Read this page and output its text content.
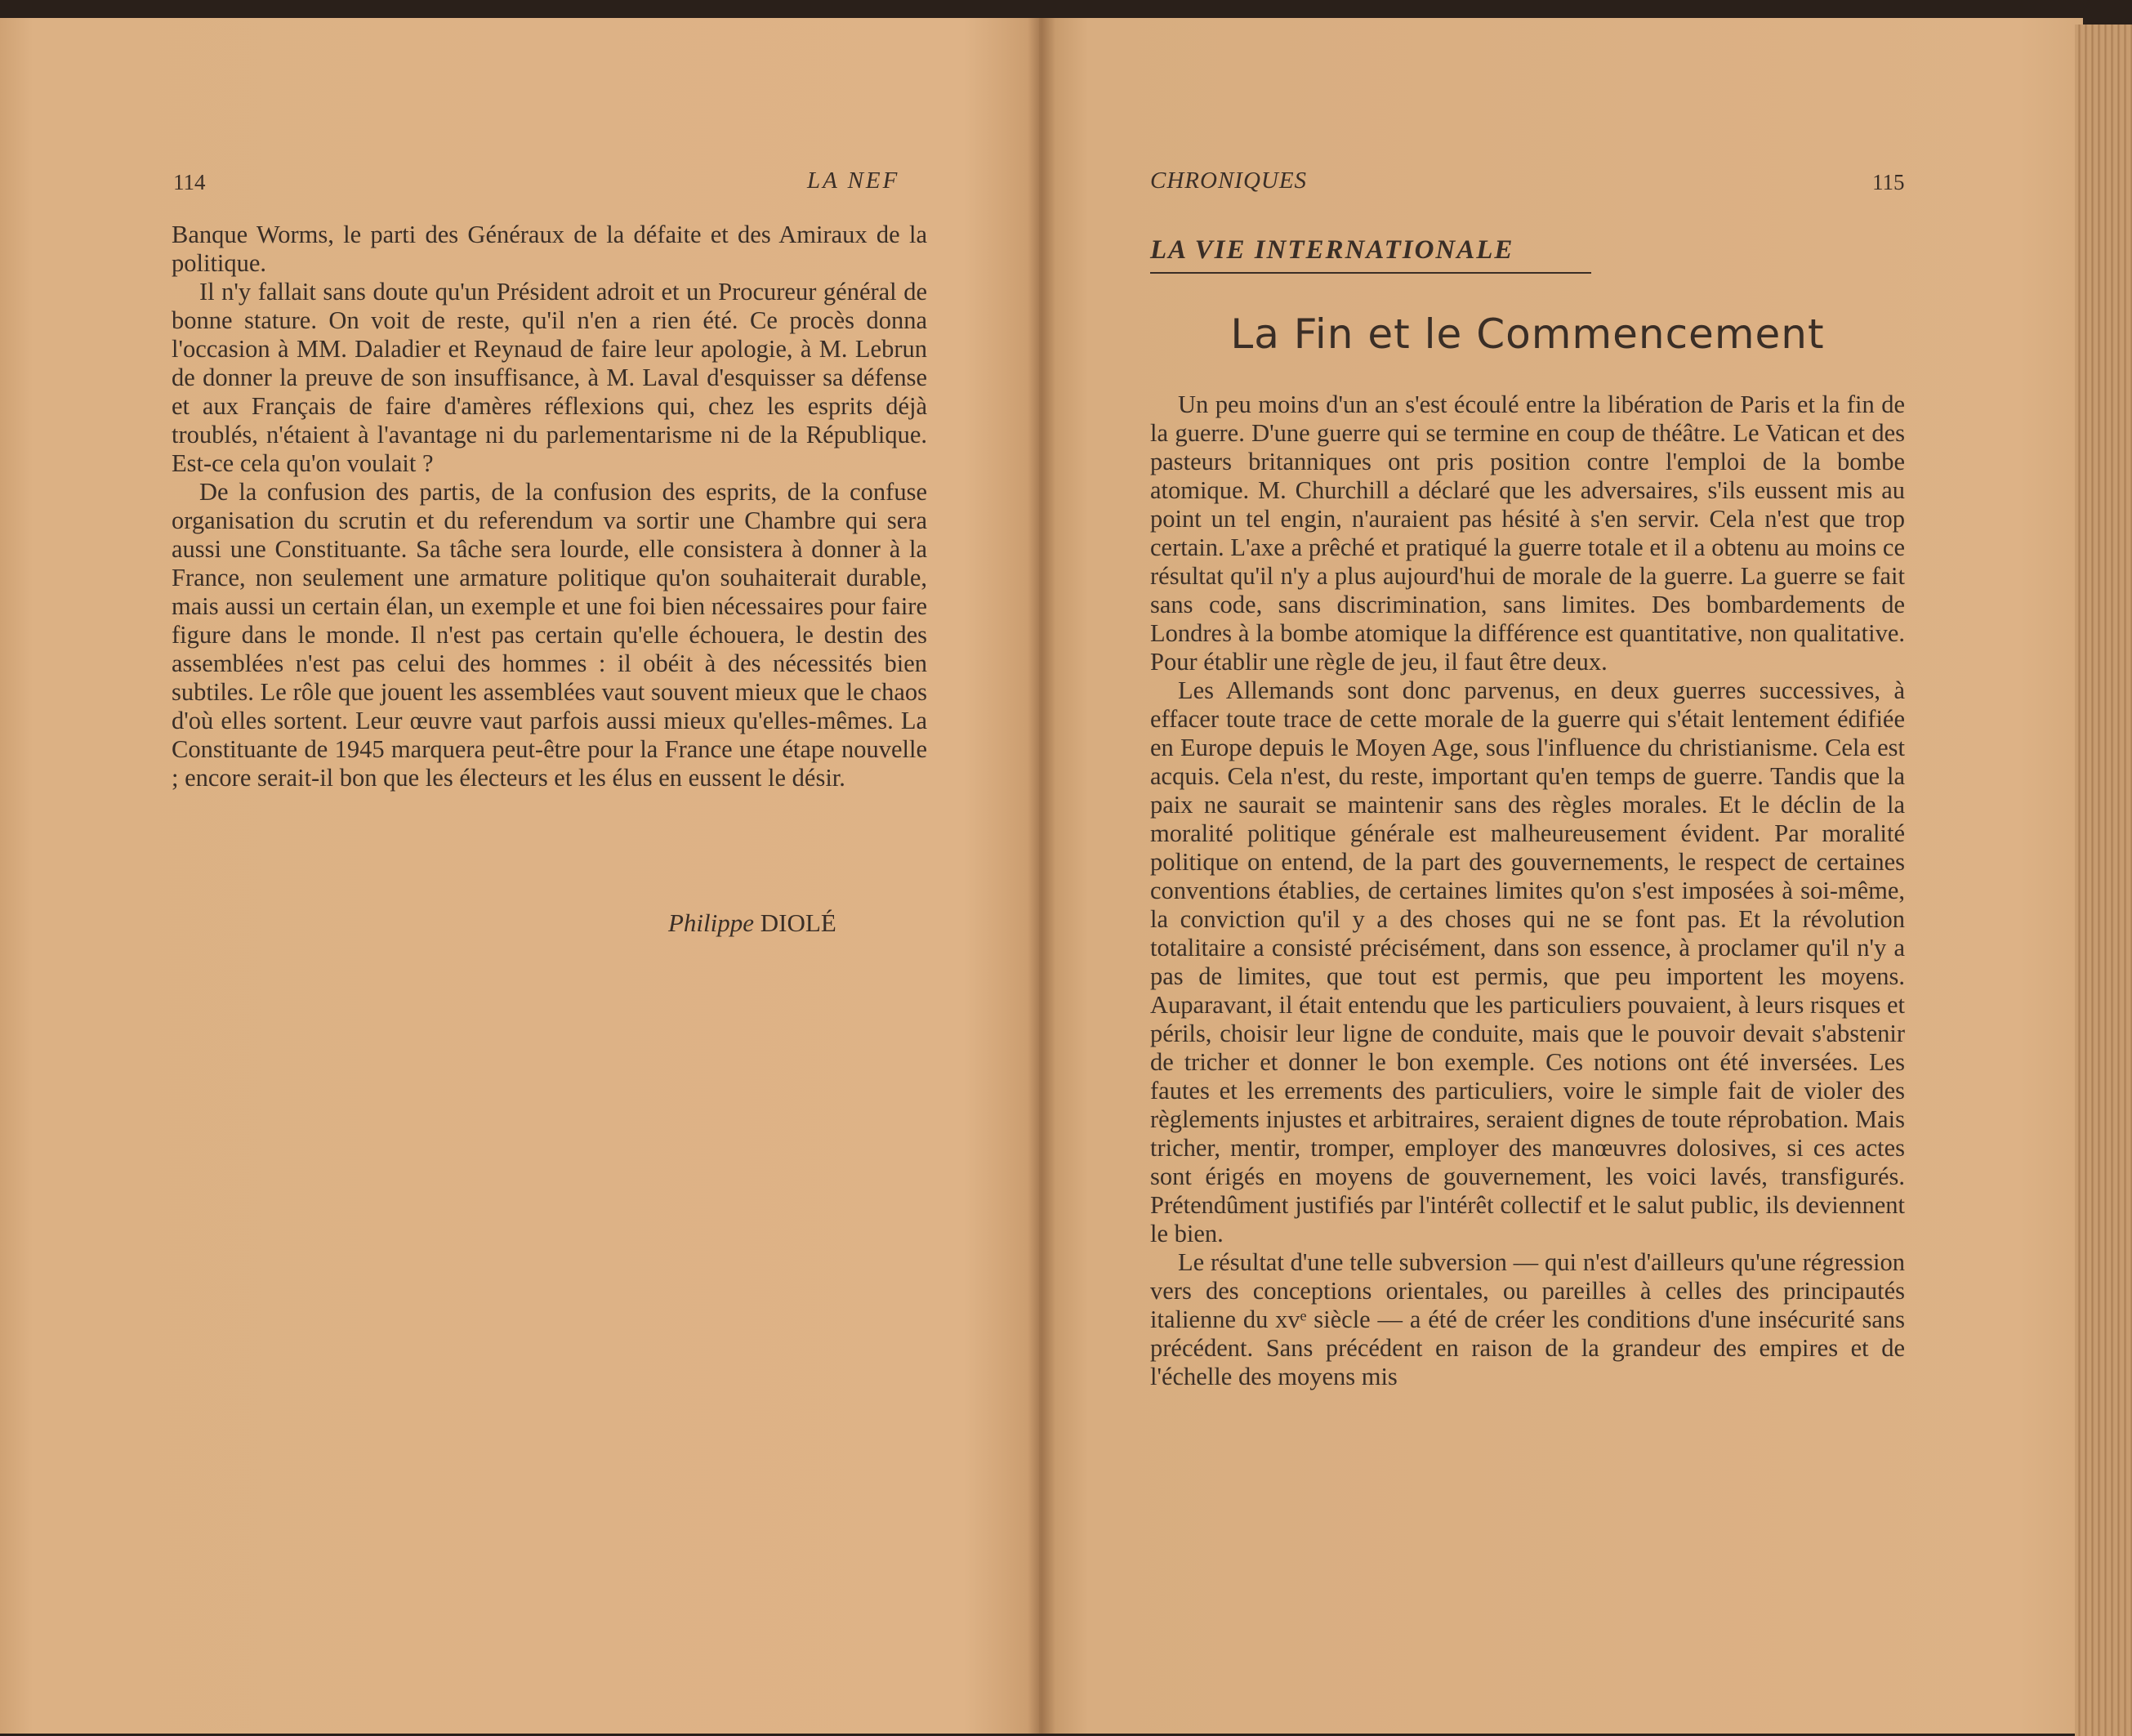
114	LA NEF

Banque Worms, le parti des Généraux de la défaite et des Amiraux de la politique.

Il n'y fallait sans doute qu'un Président adroit et un Procureur général de bonne stature. On voit de reste, qu'il n'en a rien été. Ce procès donna l'occasion à MM. Daladier et Reynaud de faire leur apologie, à M. Lebrun de donner la preuve de son insuffisance, à M. Laval d'esquisser sa défense et aux Français de faire d'amères réflexions qui, chez les esprits déjà troublés, n'étaient à l'avantage ni du parlementarisme ni de la République. Est-ce cela qu'on voulait ?

De la confusion des partis, de la confusion des esprits, de la confuse organisation du scrutin et du referendum va sortir une Chambre qui sera aussi une Constituante. Sa tâche sera lourde, elle consistera à donner à la France, non seulement une armature politique qu'on souhaiterait durable, mais aussi un certain élan, un exemple et une foi bien nécessaires pour faire figure dans le monde. Il n'est pas certain qu'elle échouera, le destin des assemblées n'est pas celui des hommes : il obéit à des nécessités bien subtiles. Le rôle que jouent les assemblées vaut souvent mieux que le chaos d'où elles sortent. Leur œuvre vaut parfois aussi mieux qu'elles-mêmes. La Constituante de 1945 marquera peut-être pour la France une étape nouvelle ; encore serait-il bon que les électeurs et les élus en eussent le désir.

Philippe DIOLÉ
CHRONIQUES	115
LA VIE INTERNATIONALE
La Fin et le Commencement

Un peu moins d'un an s'est écoulé entre la libération de Paris et la fin de la guerre. D'une guerre qui se termine en coup de théâtre. Le Vatican et des pasteurs britanniques ont pris position contre l'emploi de la bombe atomique. M. Churchill a déclaré que les adversaires, s'ils eussent mis au point un tel engin, n'auraient pas hésité à s'en servir. Cela n'est que trop certain. L'axe a prêché et pratiqué la guerre totale et il a obtenu au moins ce résultat qu'il n'y a plus aujourd'hui de morale de la guerre. La guerre se fait sans code, sans discrimination, sans limites. Des bombardements de Londres à la bombe atomique la différence est quantitative, non qualitative. Pour établir une règle de jeu, il faut être deux.

Les Allemands sont donc parvenus, en deux guerres successives, à effacer toute trace de cette morale de la guerre qui s'était lentement édifiée en Europe depuis le Moyen Age, sous l'influence du christianisme. Cela est acquis. Cela n'est, du reste, important qu'en temps de guerre. Tandis que la paix ne saurait se maintenir sans des règles morales. Et le déclin de la moralité politique générale est malheureusement évident. Par moralité politique on entend, de la part des gouvernements, le respect de certaines conventions établies, de certaines limites qu'on s'est imposées à soi-même, la conviction qu'il y a des choses qui ne se font pas. Et la révolution totalitaire a consisté précisément, dans son essence, à proclamer qu'il n'y a pas de limites, que tout est permis, que peu importent les moyens. Auparavant, il était entendu que les particuliers pouvaient, à leurs risques et périls, choisir leur ligne de conduite, mais que le pouvoir devait s'abstenir de tricher et donner le bon exemple. Ces notions ont été inversées. Les fautes et les errements des particuliers, voire le simple fait de violer des règlements injustes et arbitraires, seraient dignes de toute réprobation. Mais tricher, mentir, tromper, employer des manœuvres dolosives, si ces actes sont érigés en moyens de gouvernement, les voici lavés, transfigurés. Prétendûment justifiés par l'intérêt collectif et le salut public, ils deviennent le bien.

Le résultat d'une telle subversion — qui n'est d'ailleurs qu'une régression vers des conceptions orientales, ou pareilles à celles des principautés italienne du xvᵉ siècle — a été de créer les conditions d'une insécurité sans précédent. Sans précédent en raison de la grandeur des empires et de l'échelle des moyens mis
